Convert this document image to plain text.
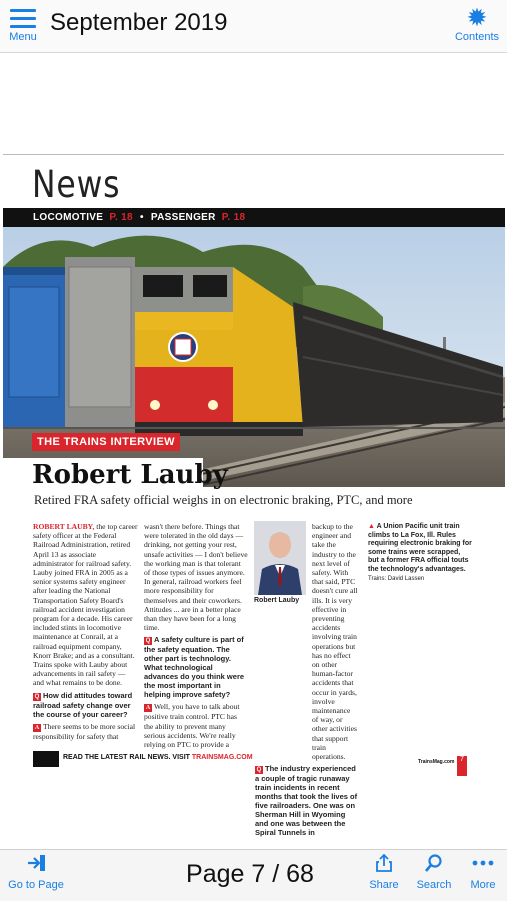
Menu
September 2019	✹
Contents
News
LOCOMOTIVE P. 18 • PASSENGER P. 18
THE TRAINS INTERVIEW
Robert Lauby
Retired FRA safety official weighs in on electronic braking, PTC, and more

ROBERT LAUBY, the top career safety officer at the Federal Railroad Administration, retired April 13 as associate administrator for railroad safety. Lauby joined FRA in 2005 as a senior systems safety engineer after leading the National Transportation Safety Board's railroad accident investigation program for a decade. His career included stints in locomotive maintenance at Conrail, at a railroad equipment company, Knorr Brake; and as a consultant. Trains spoke with Lauby about advancements in rail safety — and what remains to be done.

Q How did attitudes toward railroad safety change over the course of your career?

A There seems to be more social responsibility for safety that

wasn't there before. Things that were tolerated in the old days — drinking, not getting your rest, unsafe activities — I don't believe the working man is that tolerant of those types of issues anymore. In general, railroad workers feel more responsibility for themselves and their coworkers. Attitudes ... are in a better place than they have been for a long time.

Q A safety culture is part of the safety equation. The other part is technology. What technological advances do you think were the most important in helping improve safety?

A Well, you have to talk about positive train control. PTC has the ability to prevent many serious accidents. We're really relying on PTC to provide a

Robert Lauby

backup to the engineer and take the industry to the next level of safety. With that said, PTC doesn't cure all ills. It is very effective in preventing accidents involving train operations but has no effect on other human-factor accidents that occur in yards, involve maintenance of way, or other activities that support train operations.

Q The industry experienced a couple of tragic runaway train incidents in recent months that took the lives of five railroaders. One was on Sherman Hill in Wyoming and one was between the Spiral Tunnels in

▲ A Union Pacific unit train climbs to La Fox, Ill. Rules requiring electronic braking for some trains were scrapped, but a former FRA official touts the technology's advantages. Trains: David Lassen
READ THE LATEST RAIL NEWS. VISIT TRAINSMAG.COM
TrainsMag.com 7
Go to Page	Page 7 / 68	Share	Search	More
